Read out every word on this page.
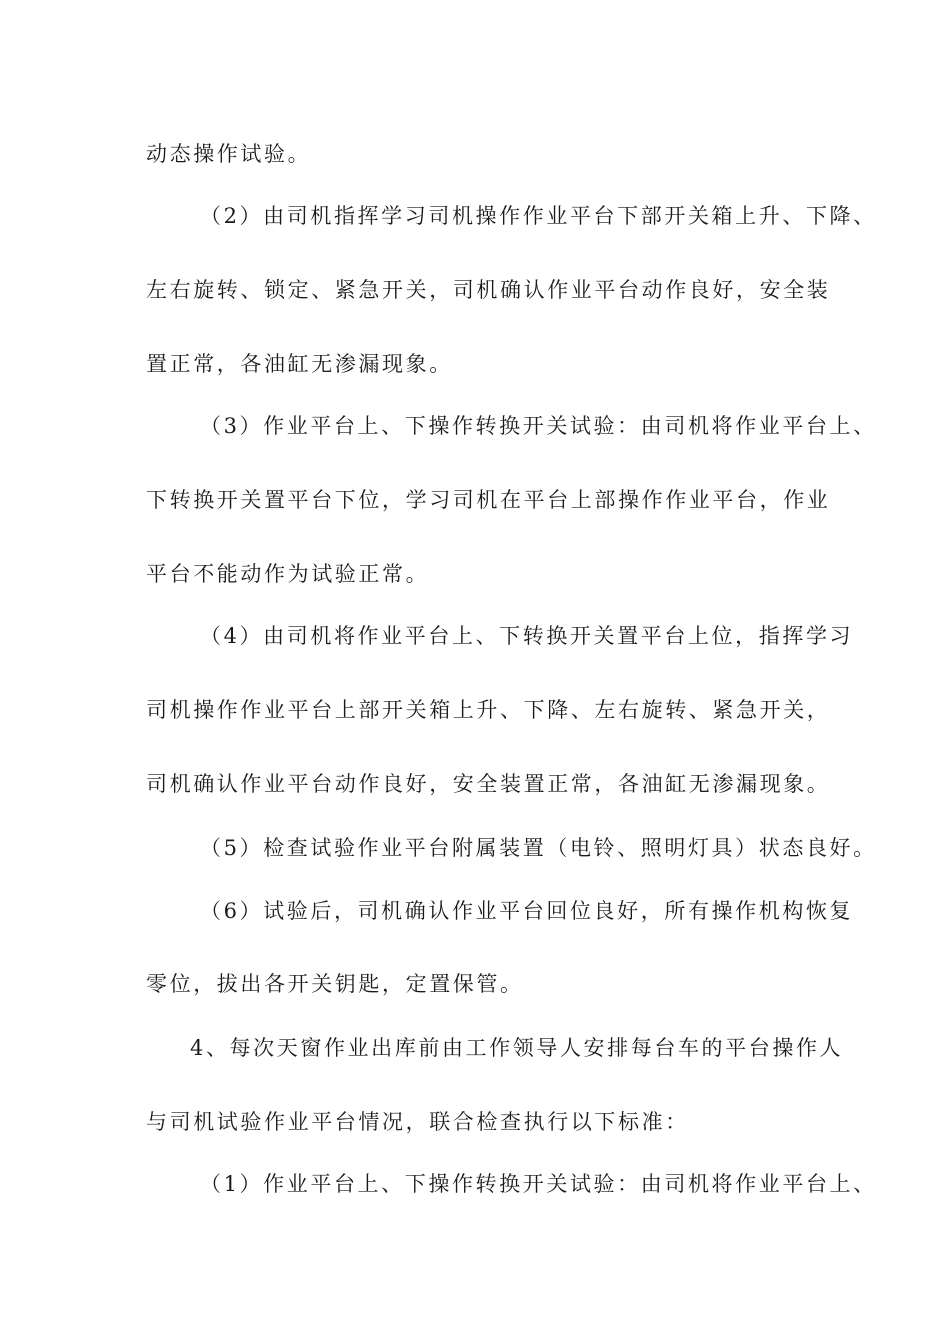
动态操作试验。
（2）由司机指挥学习司机操作作业平台下部开关箱上升、下降、
左右旋转、锁定、紧急开关，司机确认作业平台动作良好，安全装
置正常，各油缸无渗漏现象。
（3）作业平台上、下操作转换开关试验：由司机将作业平台上、
下转换开关置平台下位，学习司机在平台上部操作作业平台，作业
平台不能动作为试验正常。
（4）由司机将作业平台上、下转换开关置平台上位，指挥学习
司机操作作业平台上部开关箱上升、下降、左右旋转、紧急开关，
司机确认作业平台动作良好，安全装置正常，各油缸无渗漏现象。
（5）检查试验作业平台附属装置（电铃、照明灯具）状态良好。
（6）试验后，司机确认作业平台回位良好，所有操作机构恢复
零位，拔出各开关钥匙，定置保管。
4、每次天窗作业出库前由工作领导人安排每台车的平台操作人
与司机试验作业平台情况，联合检查执行以下标准：
（1）作业平台上、下操作转换开关试验：由司机将作业平台上、
